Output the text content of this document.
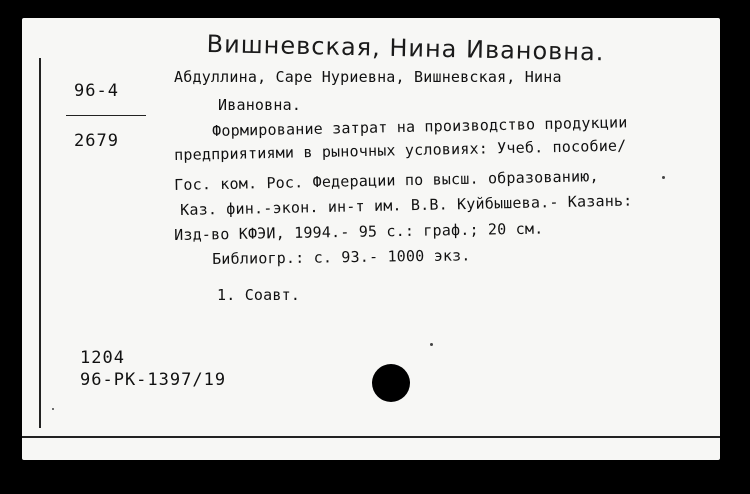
Вишневская, Нина Ивановна.
96-4
2679
Абдуллина, Саре Нуриевна, Вишневская, Нина
Ивановна.
Формирование затрат на производство продукции
предприятиями в рыночных условиях: Учеб. пособие/
Гос. ком. Рос. Федерации по высш. образованию,
Каз. фин.-экон. ин-т им. В.В. Куйбышева.- Казань:
Изд-во КФЭИ, 1994.- 95 с.: граф.; 20 см.
Библиогр.: с. 93.- 1000 экз.
1. Соавт.
1204
96-РК-1397/19
